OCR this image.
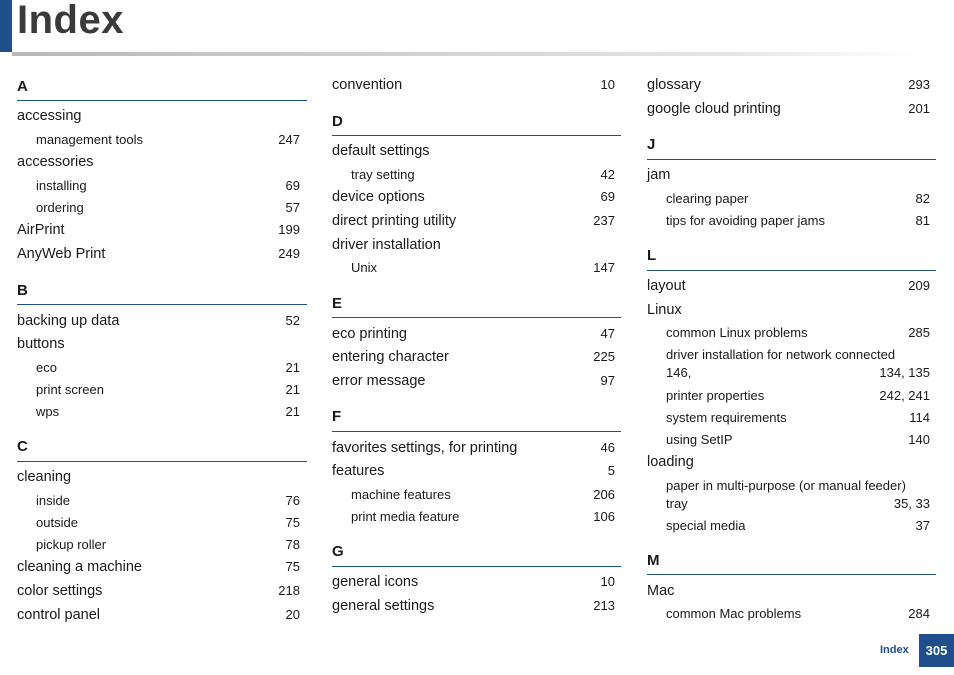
Index
A
accessing
management tools	247
accessories
installing	69
ordering	57
AirPrint	199
AnyWeb Print	249
B
backing up data	52
buttons
eco	21
print screen	21
wps	21
C
cleaning
inside	76
outside	75
pickup roller	78
cleaning a machine	75
color settings	218
control panel	20
convention	10
D
default settings
tray setting	42
device options	69
direct printing utility	237
driver installation
Unix	147
E
eco printing	47
entering character	225
error message	97
F
favorites settings, for printing	46
features	5
machine features	206
print media feature	106
G
general icons	10
general settings	213
glossary	293
google cloud printing	201
J
jam
clearing paper	82
tips for avoiding paper jams	81
L
layout	209
Linux
common Linux problems	285
driver installation for network connected
146,	134, 135
printer properties	242, 241
system requirements	114
using SetIP	140
loading
paper in multi-purpose (or manual feeder)
tray	35, 33
special media	37
M
Mac
common Mac problems	284
Index	305
